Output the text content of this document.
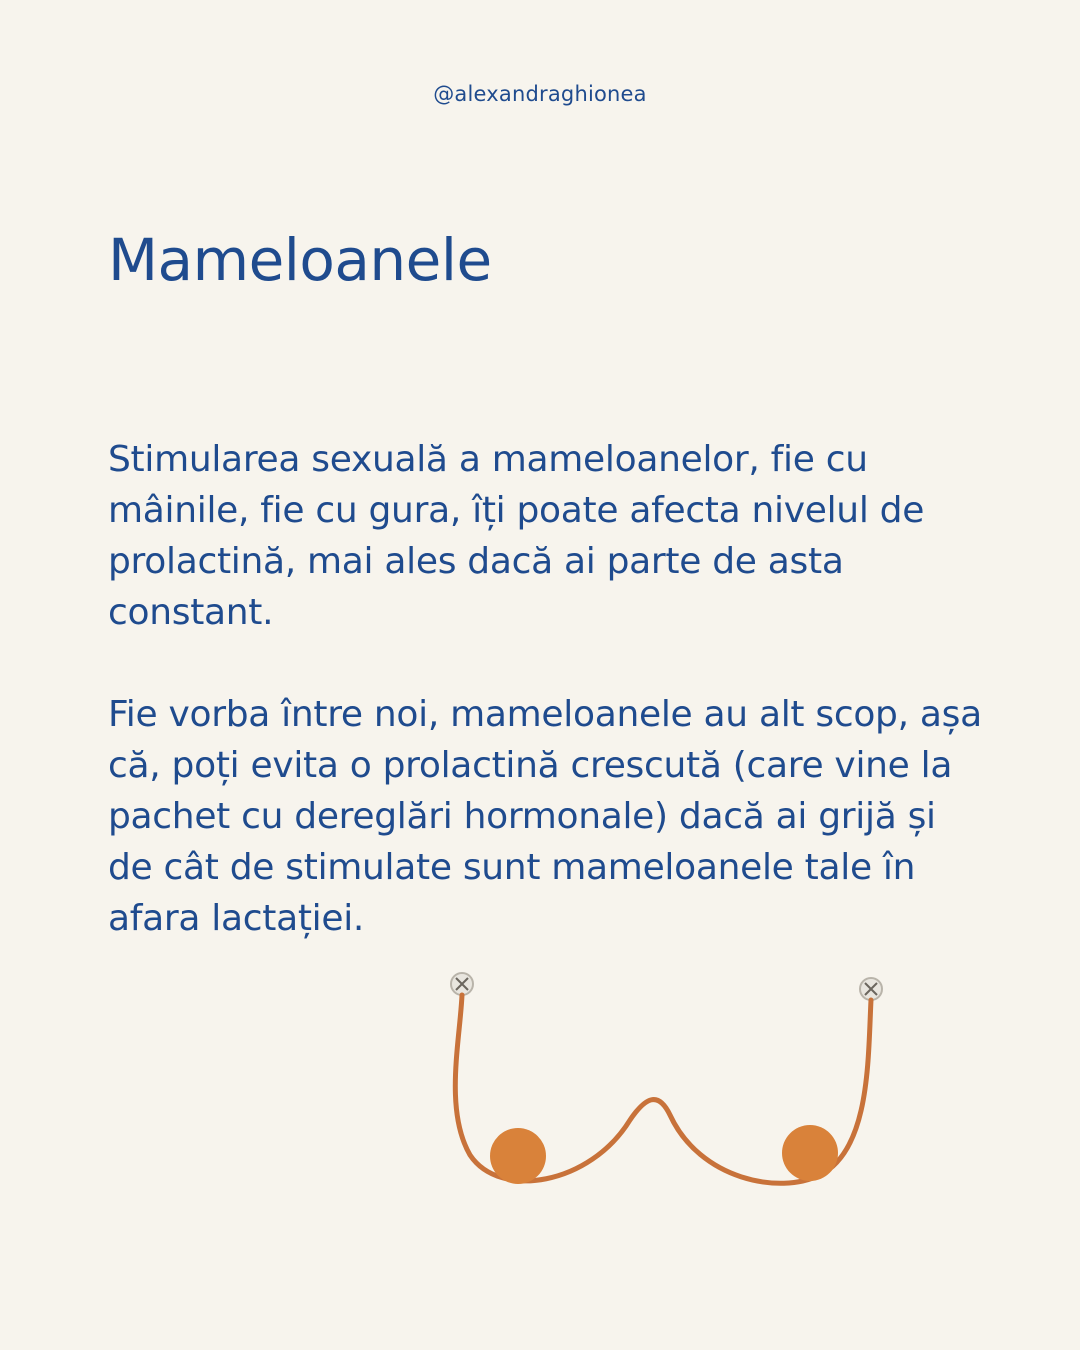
@alexandraghionea
Mameloanele

Stimularea sexuală a mameloanelor, fie cu mâinile, fie cu gura, îți poate afecta nivelul de prolactină, mai ales dacă ai parte de asta constant.

Fie vorba între noi, mameloanele au alt scop, așa că, poți evita o prolactină crescută (care vine la pachet cu dereglări hormonale) dacă ai grijă și de cât de stimulate sunt mameloanele tale în afara lactației.
